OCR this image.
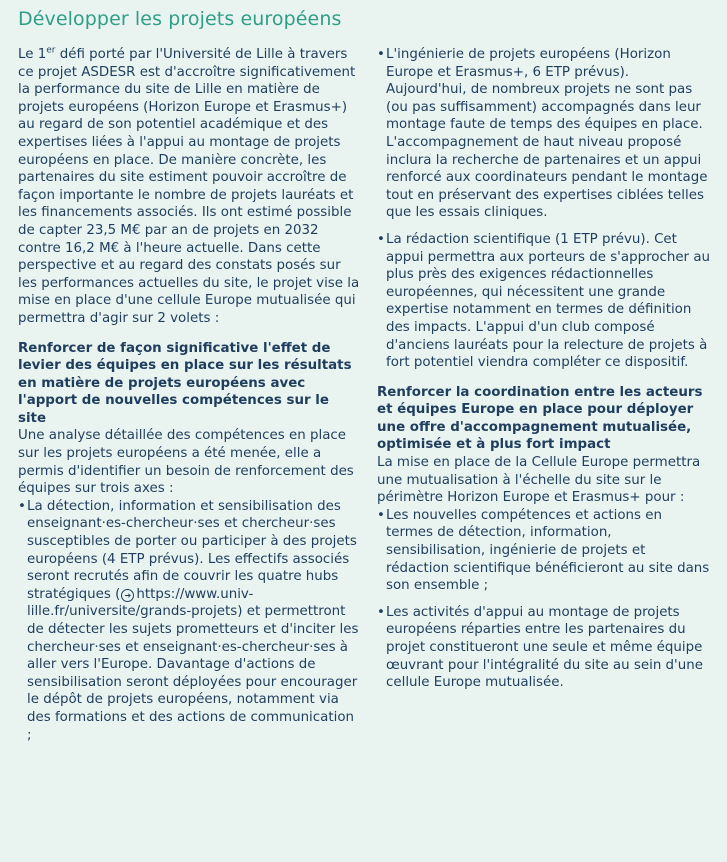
Développer les projets européens

Le 1er défi porté par l'Université de Lille à travers ce projet ASDESR est d'accroître significativement la performance du site de Lille en matière de projets européens (Horizon Europe et Erasmus+) au regard de son potentiel académique et des expertises liées à l'appui au montage de projets européens en place. De manière concrète, les partenaires du site estiment pouvoir accroître de façon importante le nombre de projets lauréats et les financements associés. Ils ont estimé possible de capter 23,5 M€ par an de projets en 2032 contre 16,2 M€ à l'heure actuelle. Dans cette perspective et au regard des constats posés sur les performances actuelles du site, le projet vise la mise en place d'une cellule Europe mutualisée qui permettra d'agir sur 2 volets :

Renforcer de façon significative l'effet de levier des équipes en place sur les résultats en matière de projets européens avec l'apport de nouvelles compétences sur le site

Une analyse détaillée des compétences en place sur les projets européens a été menée, elle a permis d'identifier un besoin de renforcement des équipes sur trois axes :

• La détection, information et sensibilisation des enseignant·es-chercheur·ses et chercheur·ses susceptibles de porter ou participer à des projets européens (4 ETP prévus). Les effectifs associés seront recrutés afin de couvrir les quatre hubs stratégiques ( ➔ https://www.univ-lille.fr/universite/grands-projets) et permettront de détecter les sujets prometteurs et d'inciter les chercheur·ses et enseignant·es-chercheur·ses à aller vers l'Europe. Davantage d'actions de sensibilisation seront déployées pour encourager le dépôt de projets européens, notamment via des formations et des actions de communication ;
• L'ingénierie de projets européens (Horizon Europe et Erasmus+, 6 ETP prévus). Aujourd'hui, de nombreux projets ne sont pas (ou pas suffisamment) accompagnés dans leur montage faute de temps des équipes en place. L'accompagnement de haut niveau proposé inclura la recherche de partenaires et un appui renforcé aux coordinateurs pendant le montage tout en préservant des expertises ciblées telles que les essais cliniques.
• La rédaction scientifique (1 ETP prévu). Cet appui permettra aux porteurs de s'approcher au plus près des exigences rédactionnelles européennes, qui nécessitent une grande expertise notamment en termes de définition des impacts. L'appui d'un club composé d'anciens lauréats pour la relecture de projets à fort potentiel viendra compléter ce dispositif.

Renforcer la coordination entre les acteurs et équipes Europe en place pour déployer une offre d'accompagnement mutualisée, optimisée et à plus fort impact

La mise en place de la Cellule Europe permettra une mutualisation à l'échelle du site sur le périmètre Horizon Europe et Erasmus+ pour :

• Les nouvelles compétences et actions en termes de détection, information, sensibilisation, ingénierie de projets et rédaction scientifique bénéficieront au site dans son ensemble ;
• Les activités d'appui au montage de projets européens réparties entre les partenaires du projet constitueront une seule et même équipe œuvrant pour l'intégralité du site au sein d'une cellule Europe mutualisée.
